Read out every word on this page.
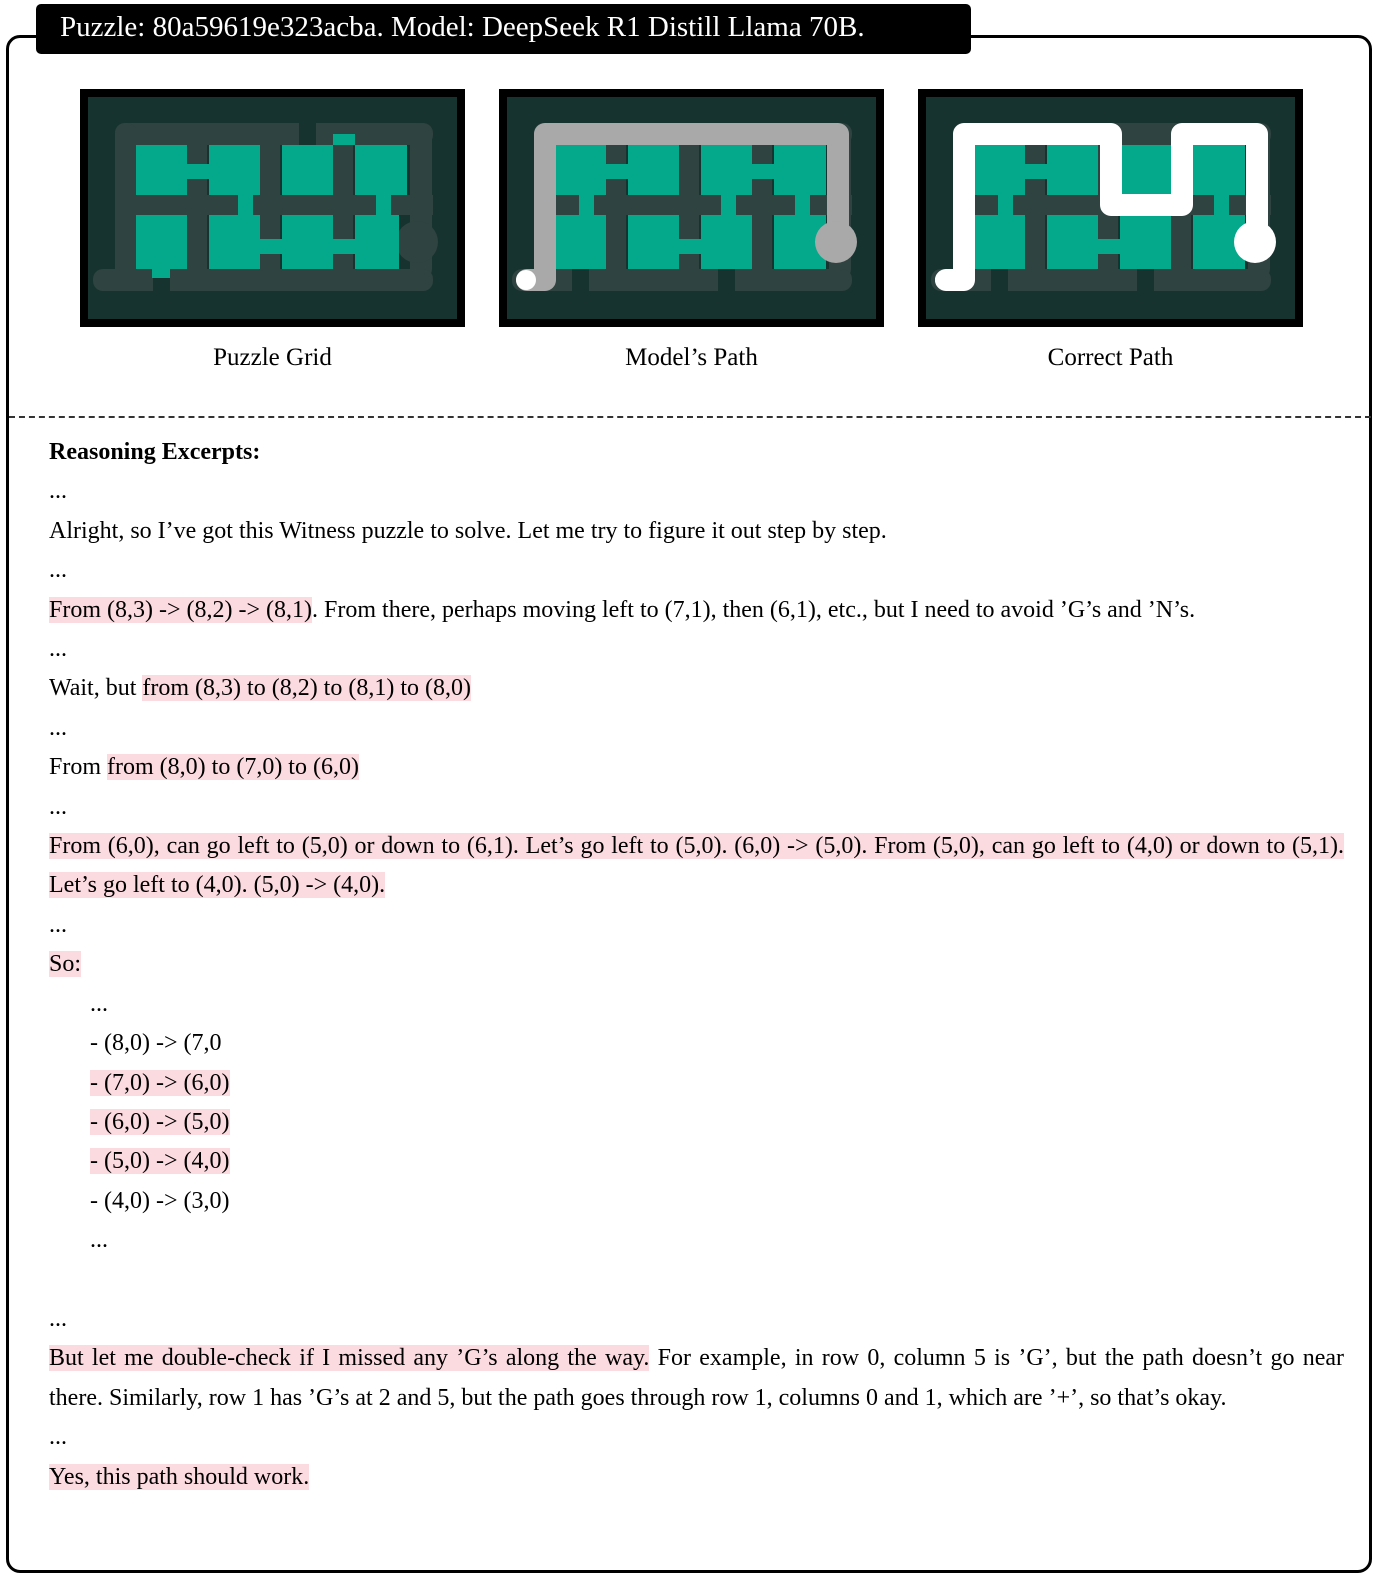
Puzzle: 80a59619e323acba. Model: DeepSeek R1 Distill Llama 70B.
Puzzle Grid	Model’s Path	Correct Path
Reasoning Excerpts:
...
Alright, so I’ve got this Witness puzzle to solve. Let me try to figure it out step by step.
...
From (8,3) -> (8,2) -> (8,1). From there, perhaps moving left to (7,1), then (6,1), etc., but I need to avoid ’G’s and ’N’s.
...
Wait, but from (8,3) to (8,2) to (8,1) to (8,0)
...
From from (8,0) to (7,0) to (6,0)
...
From (6,0), can go left to (5,0) or down to (6,1). Let’s go left to (5,0). (6,0) -> (5,0). From (5,0), can go left to (4,0) or down to (5,1). Let’s go left to (4,0). (5,0) -> (4,0).
...
So:
...
- (8,0) -> (7,0
- (7,0) -> (6,0)
- (6,0) -> (5,0)
- (5,0) -> (4,0)
- (4,0) -> (3,0)
...
...
But let me double-check if I missed any ’G’s along the way. For example, in row 0, column 5 is ’G’, but the path doesn’t go near there. Similarly, row 1 has ’G’s at 2 and 5, but the path goes through row 1, columns 0 and 1, which are ’+’, so that’s okay.
...
Yes, this path should work.
